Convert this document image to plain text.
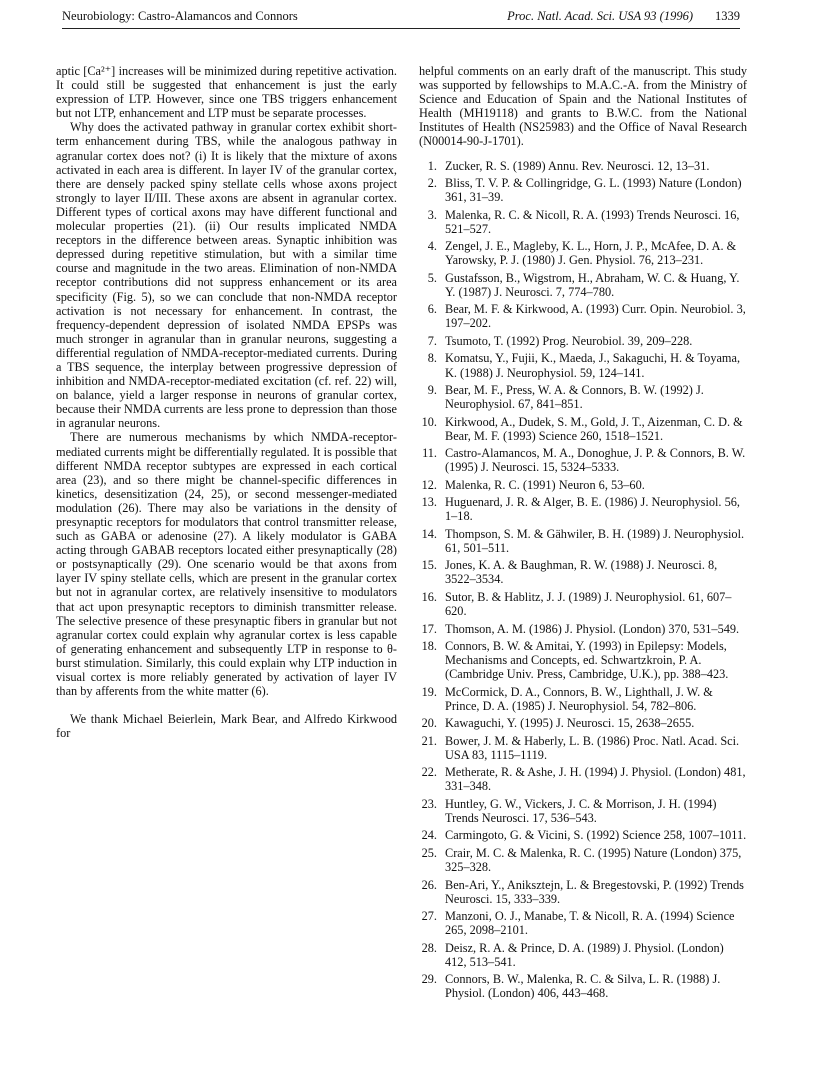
Neurobiology: Castro-Alamancos and Connors	Proc. Natl. Acad. Sci. USA 93 (1996) 1339

aptic [Ca²⁺] increases will be minimized during repetitive activation. It could still be suggested that enhancement is just the early expression of LTP. However, since one TBS triggers enhancement but not LTP, enhancement and LTP must be separate processes.

Why does the activated pathway in granular cortex exhibit short-term enhancement during TBS, while the analogous pathway in agranular cortex does not? (i) It is likely that the mixture of axons activated in each area is different. In layer IV of the granular cortex, there are densely packed spiny stellate cells whose axons project strongly to layer II/III. These axons are absent in agranular cortex. Different types of cortical axons may have different functional and molecular properties (21). (ii) Our results implicated NMDA receptors in the difference between areas. Synaptic inhibition was depressed during repetitive stimulation, but with a similar time course and magnitude in the two areas. Elimination of non-NMDA receptor contributions did not suppress enhancement or its area specificity (Fig. 5), so we can conclude that non-NMDA receptor activation is not necessary for enhancement. In contrast, the frequency-dependent depression of isolated NMDA EPSPs was much stronger in agranular than in granular neurons, suggesting a differential regulation of NMDA-receptor-mediated currents. During a TBS sequence, the interplay between progressive depression of inhibition and NMDA-receptor-mediated excitation (cf. ref. 22) will, on balance, yield a larger response in neurons of granular cortex, because their NMDA currents are less prone to depression than those in agranular neurons.

There are numerous mechanisms by which NMDA-receptor-mediated currents might be differentially regulated. It is possible that different NMDA receptor subtypes are expressed in each cortical area (23), and so there might be channel-specific differences in kinetics, desensitization (24, 25), or second messenger-mediated modulation (26). There may also be variations in the density of presynaptic receptors for modulators that control transmitter release, such as GABA or adenosine (27). A likely modulator is GABA acting through GABAB receptors located either presynaptically (28) or postsynaptically (29). One scenario would be that axons from layer IV spiny stellate cells, which are present in the granular cortex but not in agranular cortex, are relatively insensitive to modulators that act upon presynaptic receptors to diminish transmitter release. The selective presence of these presynaptic fibers in granular but not agranular cortex could explain why agranular cortex is less capable of generating enhancement and subsequently LTP in response to θ-burst stimulation. Similarly, this could explain why LTP induction in visual cortex is more reliably generated by activation of layer IV than by afferents from the white matter (6).

We thank Michael Beierlein, Mark Bear, and Alfredo Kirkwood for

helpful comments on an early draft of the manuscript. This study was supported by fellowships to M.A.C.-A. from the Ministry of Science and Education of Spain and the National Institutes of Health (MH19118) and grants to B.W.C. from the National Institutes of Health (NS25983) and the Office of Naval Research (N00014-90-J-1701).

1. Zucker, R. S. (1989) Annu. Rev. Neurosci. 12, 13–31.
2. Bliss, T. V. P. & Collingridge, G. L. (1993) Nature (London) 361, 31–39.
3. Malenka, R. C. & Nicoll, R. A. (1993) Trends Neurosci. 16, 521–527.
4. Zengel, J. E., Magleby, K. L., Horn, J. P., McAfee, D. A. & Yarowsky, P. J. (1980) J. Gen. Physiol. 76, 213–231.
5. Gustafsson, B., Wigstrom, H., Abraham, W. C. & Huang, Y. Y. (1987) J. Neurosci. 7, 774–780.
6. Bear, M. F. & Kirkwood, A. (1993) Curr. Opin. Neurobiol. 3, 197–202.
7. Tsumoto, T. (1992) Prog. Neurobiol. 39, 209–228.
8. Komatsu, Y., Fujii, K., Maeda, J., Sakaguchi, H. & Toyama, K. (1988) J. Neurophysiol. 59, 124–141.
9. Bear, M. F., Press, W. A. & Connors, B. W. (1992) J. Neurophysiol. 67, 841–851.
10. Kirkwood, A., Dudek, S. M., Gold, J. T., Aizenman, C. D. & Bear, M. F. (1993) Science 260, 1518–1521.
11. Castro-Alamancos, M. A., Donoghue, J. P. & Connors, B. W. (1995) J. Neurosci. 15, 5324–5333.
12. Malenka, R. C. (1991) Neuron 6, 53–60.
13. Huguenard, J. R. & Alger, B. E. (1986) J. Neurophysiol. 56, 1–18.
14. Thompson, S. M. & Gähwiler, B. H. (1989) J. Neurophysiol. 61, 501–511.
15. Jones, K. A. & Baughman, R. W. (1988) J. Neurosci. 8, 3522–3534.
16. Sutor, B. & Hablitz, J. J. (1989) J. Neurophysiol. 61, 607–620.
17. Thomson, A. M. (1986) J. Physiol. (London) 370, 531–549.
18. Connors, B. W. & Amitai, Y. (1993) in Epilepsy: Models, Mechanisms and Concepts, ed. Schwartzkroin, P. A. (Cambridge Univ. Press, Cambridge, U.K.), pp. 388–423.
19. McCormick, D. A., Connors, B. W., Lighthall, J. W. & Prince, D. A. (1985) J. Neurophysiol. 54, 782–806.
20. Kawaguchi, Y. (1995) J. Neurosci. 15, 2638–2655.
21. Bower, J. M. & Haberly, L. B. (1986) Proc. Natl. Acad. Sci. USA 83, 1115–1119.
22. Metherate, R. & Ashe, J. H. (1994) J. Physiol. (London) 481, 331–348.
23. Huntley, G. W., Vickers, J. C. & Morrison, J. H. (1994) Trends Neurosci. 17, 536–543.
24. Carmingoto, G. & Vicini, S. (1992) Science 258, 1007–1011.
25. Crair, M. C. & Malenka, R. C. (1995) Nature (London) 375, 325–328.
26. Ben-Ari, Y., Aniksztejn, L. & Bregestovski, P. (1992) Trends Neurosci. 15, 333–339.
27. Manzoni, O. J., Manabe, T. & Nicoll, R. A. (1994) Science 265, 2098–2101.
28. Deisz, R. A. & Prince, D. A. (1989) J. Physiol. (London) 412, 513–541.
29. Connors, B. W., Malenka, R. C. & Silva, L. R. (1988) J. Physiol. (London) 406, 443–468.
